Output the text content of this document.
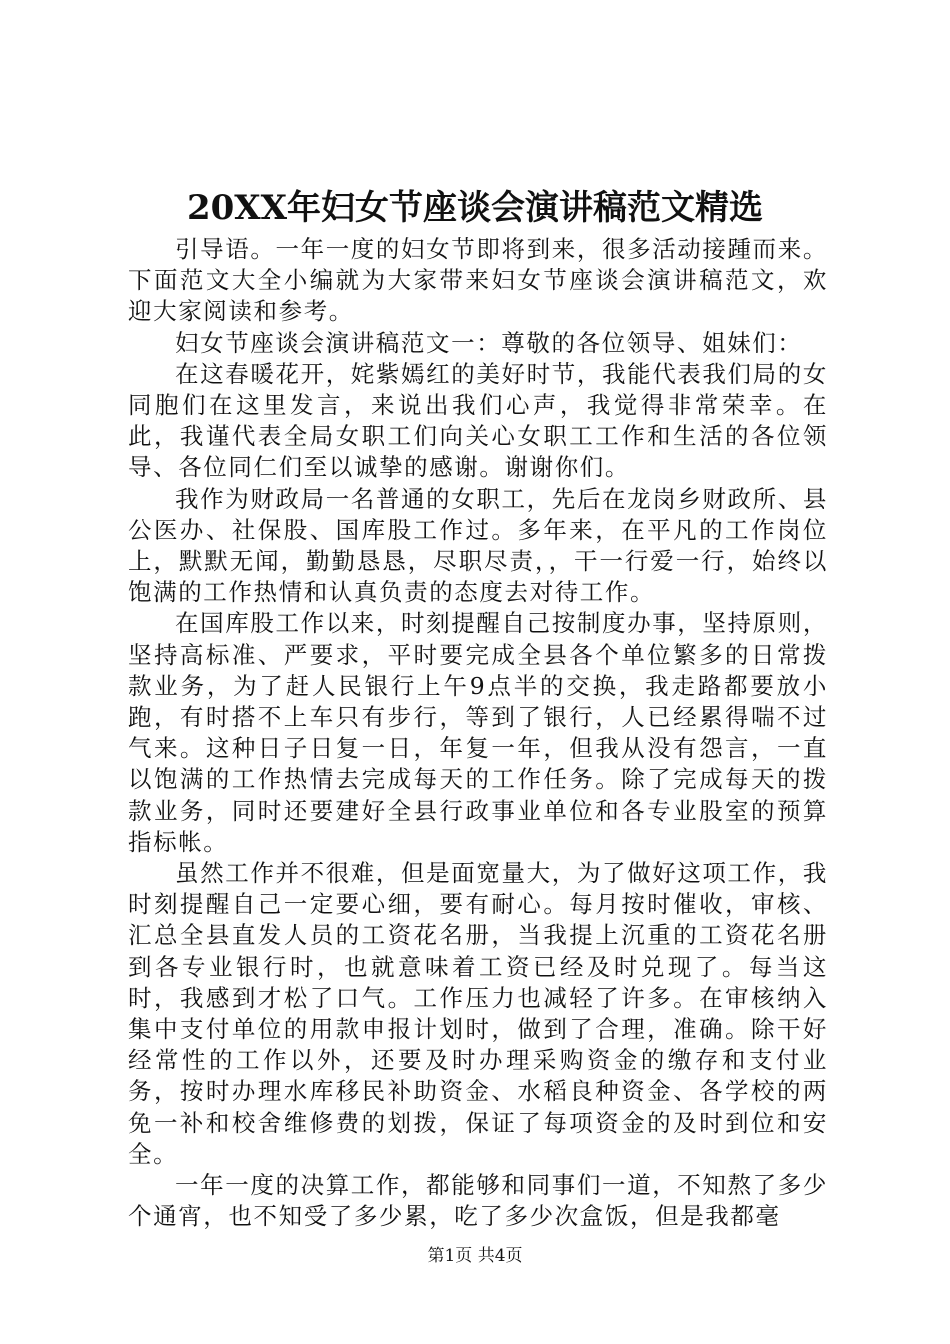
20XX年妇女节座谈会演讲稿范文精选

引导语。一年一度的妇女节即将到来，很多活动接踵而来。下面范文大全小编就为大家带来妇女节座谈会演讲稿范文，欢迎大家阅读和参考。

妇女节座谈会演讲稿范文一：尊敬的各位领导、姐妹们：

在这春暖花开，姹紫嫣红的美好时节，我能代表我们局的女同胞们在这里发言，来说出我们心声，我觉得非常荣幸。在此，我谨代表全局女职工们向关心女职工工作和生活的各位领导、各位同仁们至以诚挚的感谢。谢谢你们。

我作为财政局一名普通的女职工，先后在龙岗乡财政所、县公医办、社保股、国库股工作过。多年来，在平凡的工作岗位上，默默无闻，勤勤恳恳，尽职尽责，，干一行爱一行，始终以饱满的工作热情和认真负责的态度去对待工作。

在国库股工作以来，时刻提醒自己按制度办事，坚持原则，坚持高标准、严要求，平时要完成全县各个单位繁多的日常拨款业务，为了赶人民银行上午9点半的交换，我走路都要放小跑，有时搭不上车只有步行，等到了银行，人已经累得喘不过气来。这种日子日复一日，年复一年，但我从没有怨言，一直以饱满的工作热情去完成每天的工作任务。除了完成每天的拨款业务，同时还要建好全县行政事业单位和各专业股室的预算指标帐。

虽然工作并不很难，但是面宽量大，为了做好这项工作，我时刻提醒自己一定要心细，要有耐心。每月按时催收，审核、汇总全县直发人员的工资花名册，当我提上沉重的工资花名册到各专业银行时，也就意味着工资已经及时兑现了。每当这时，我感到才松了口气。工作压力也减轻了许多。在审核纳入集中支付单位的用款申报计划时，做到了合理，准确。除干好经常性的工作以外，还要及时办理采购资金的缴存和支付业务，按时办理水库移民补助资金、水稻良种资金、各学校的两免一补和校舍维修费的划拨，保证了每项资金的及时到位和安全。

一年一度的决算工作，都能够和同事们一道，不知熬了多少个通宵，也不知受了多少累，吃了多少次盒饭，但是我都毫

第1页 共4页
